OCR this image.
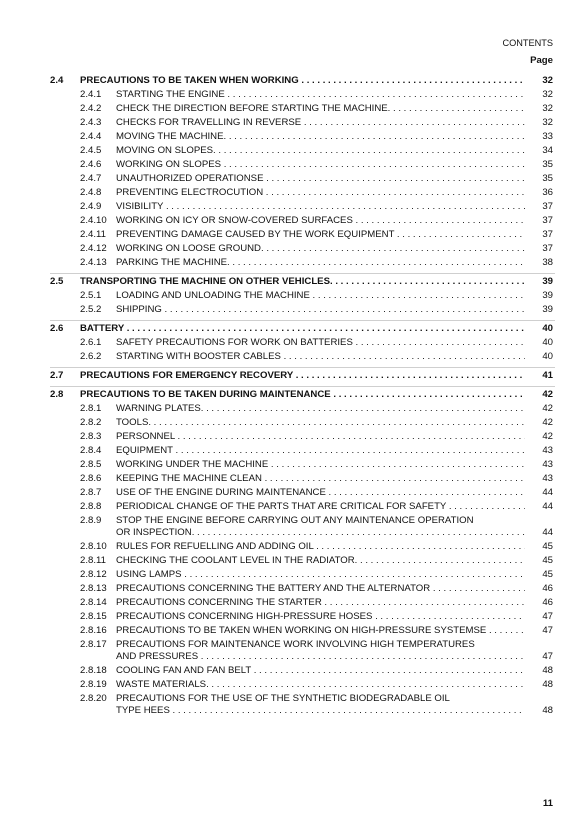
CONTENTS
Page
2.4 PRECAUTIONS TO BE TAKEN WHEN WORKING . . .	32
2.4.1 STARTING THE ENGINE . . .	32
2.4.2 CHECK THE DIRECTION BEFORE STARTING THE MACHINE. . . .	32
2.4.3 CHECKS FOR TRAVELLING IN REVERSE . . .	32
2.4.4 MOVING THE MACHINE. . . .	33
2.4.5 MOVING ON SLOPES. . . .	34
2.4.6 WORKING ON SLOPES . . .	35
2.4.7 UNAUTHORIZED OPERATIONSE . . .	35
2.4.8 PREVENTING ELECTROCUTION . . .	36
2.4.9 VISIBILITY . . .	37
2.4.10 WORKING ON ICY OR SNOW-COVERED SURFACES . . .	37
2.4.11 PREVENTING DAMAGE CAUSED BY THE WORK EQUIPMENT . . .	37
2.4.12 WORKING ON LOOSE GROUND. . . .	37
2.4.13 PARKING THE MACHINE. . . .	38
2.5 TRANSPORTING THE MACHINE ON OTHER VEHICLES. . . .	39
2.5.1 LOADING AND UNLOADING THE MACHINE . . .	39
2.5.2 SHIPPING . . .	39
2.6 BATTERY . . .	40
2.6.1 SAFETY PRECAUTIONS FOR WORK ON BATTERIES . . .	40
2.6.2 STARTING WITH BOOSTER CABLES . . .	40
2.7 PRECAUTIONS FOR EMERGENCY RECOVERY . . .	41
2.8 PRECAUTIONS TO BE TAKEN DURING MAINTENANCE . . .	42
2.8.1 WARNING PLATES. . . .	42
2.8.2 TOOLS. . . .	42
2.8.3 PERSONNEL . . .	42
2.8.4 EQUIPMENT . . .	43
2.8.5 WORKING UNDER THE MACHINE . . .	43
2.8.6 KEEPING THE MACHINE CLEAN . . .	43
2.8.7 USE OF THE ENGINE DURING MAINTENANCE . . .	44
2.8.8 PERIODICAL CHANGE OF THE PARTS THAT ARE CRITICAL FOR SAFETY . . .	44
2.8.9 STOP THE ENGINE BEFORE CARRYING OUT ANY MAINTENANCE OPERATION
OR INSPECTION. . . .	44
2.8.10 RULES FOR REFUELLING AND ADDING OIL . . .	45
2.8.11 CHECKING THE COOLANT LEVEL IN THE RADIATOR. . . .	45
2.8.12 USING LAMPS . . .	45
2.8.13 PRECAUTIONS CONCERNING THE BATTERY AND THE ALTERNATOR . . .	46
2.8.14 PRECAUTIONS CONCERNING THE STARTER . . .	46
2.8.15 PRECAUTIONS CONCERNING HIGH-PRESSURE HOSES . . .	47
2.8.16 PRECAUTIONS TO BE TAKEN WHEN WORKING ON HIGH-PRESSURE SYSTEMSE . . .	47
2.8.17 PRECAUTIONS FOR MAINTENANCE WORK INVOLVING HIGH TEMPERATURES
AND PRESSURES . . .	47
2.8.18 COOLING FAN AND FAN BELT . . .	48
2.8.19 WASTE MATERIALS. . . .	48
2.8.20 PRECAUTIONS FOR THE USE OF THE SYNTHETIC BIODEGRADABLE OIL
TYPE HEES . . .	48
11
